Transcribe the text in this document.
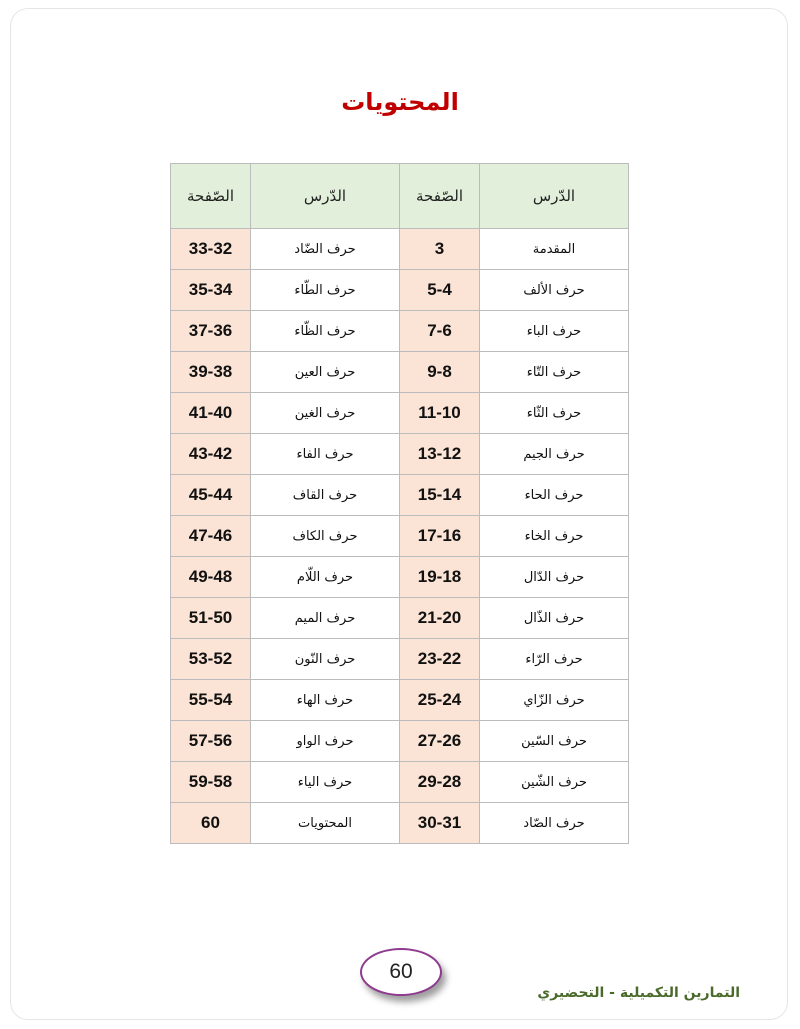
المحتويات
الصّفحة	الدّرس	الصّفحة	الدّرس
33-32	حرف الضّاد	3	المقدمة
35-34	حرف الطّاء	5-4	حرف الألف
37-36	حرف الظّاء	7-6	حرف الباء
39-38	حرف العين	9-8	حرف التّاء
41-40	حرف الغين	11-10	حرف الثّاء
43-42	حرف الفاء	13-12	حرف الجيم
45-44	حرف القاف	15-14	حرف الحاء
47-46	حرف الكاف	17-16	حرف الخاء
49-48	حرف اللّام	19-18	حرف الدّال
51-50	حرف الميم	21-20	حرف الذّال
53-52	حرف النّون	23-22	حرف الرّاء
55-54	حرف الهاء	25-24	حرف الزّاي
57-56	حرف الواو	27-26	حرف السّين
59-58	حرف الياء	29-28	حرف الشّين
60	المحتويات	30-31	حرف الصّاد
60
التمارين التكميلية - التحضيري
